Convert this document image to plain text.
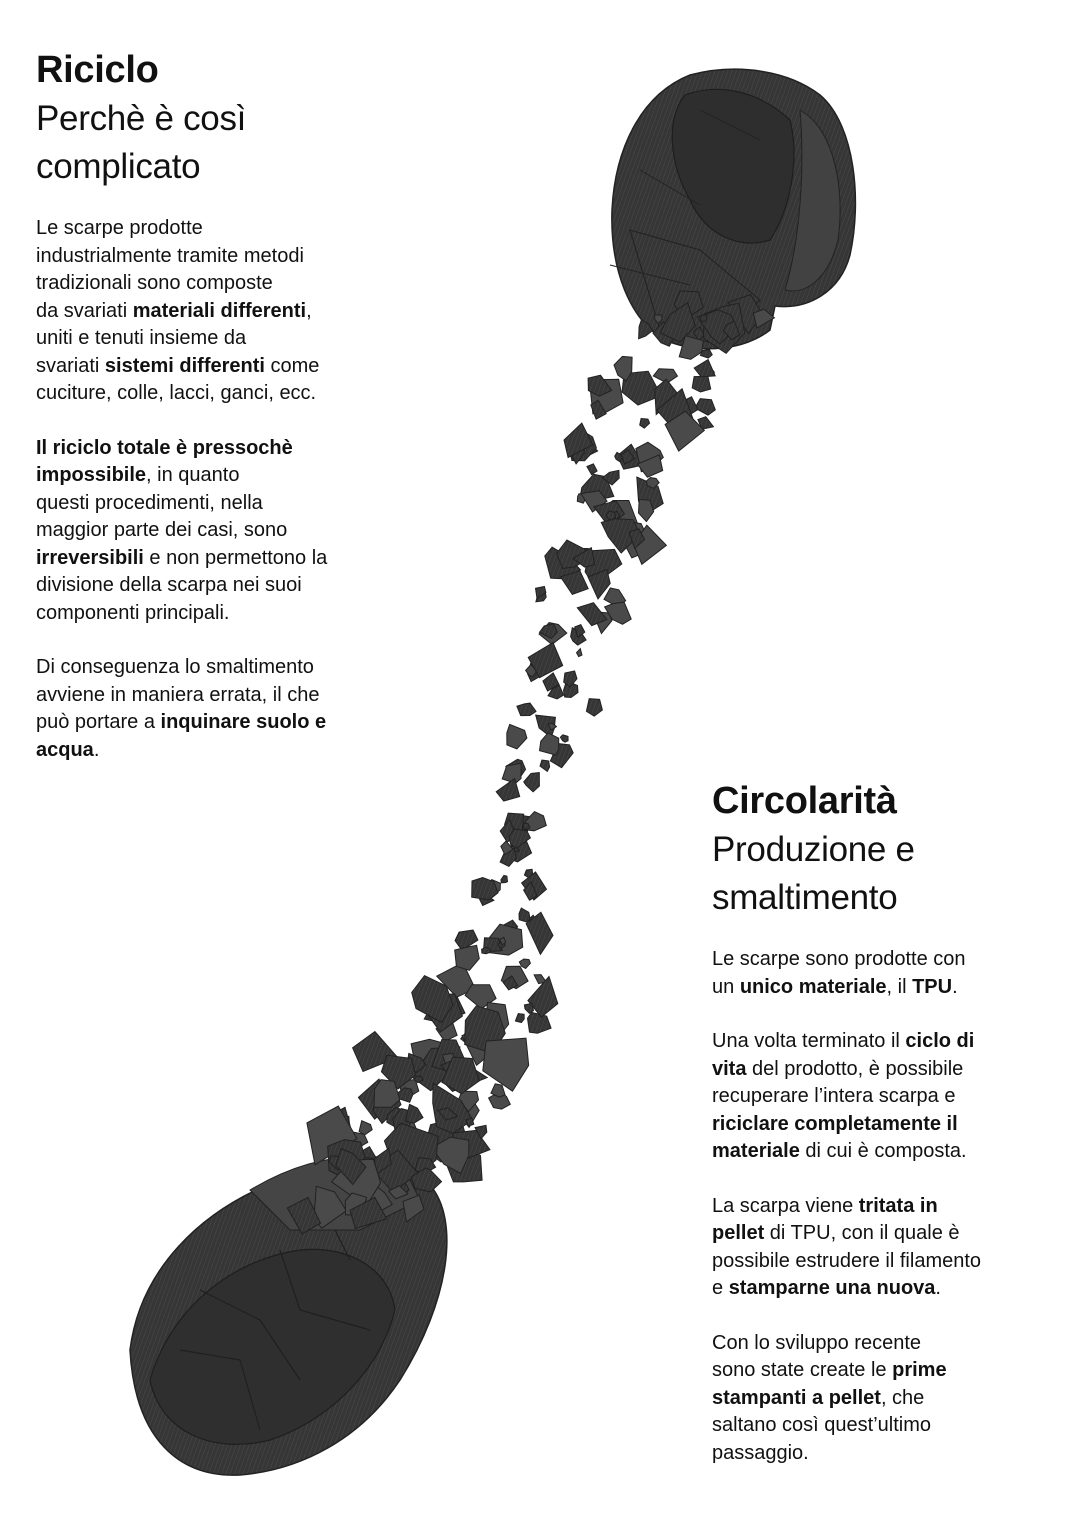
Riciclo
Perchè è così
complicato

Le scarpe prodotte
industrialmente tramite metodi
tradizionali sono composte
da svariati materiali differenti,
uniti e tenuti insieme da
svariati sistemi differenti come
cuciture, colle, lacci, ganci, ecc.

Il riciclo totale è pressochè
impossibile, in quanto
questi procedimenti, nella
maggior parte dei casi, sono
irreversibili e non permettono la
divisione della scarpa nei suoi
componenti principali.

Di conseguenza lo smaltimento
avviene in maniera errata, il che
può portare a inquinare suolo e
acqua.

Circolarità
Produzione e
smaltimento

Le scarpe sono prodotte con
un unico materiale, il TPU.

Una volta terminato il ciclo di
vita del prodotto, è possibile
recuperare l’intera scarpa e
riciclare completamente il
materiale di cui è composta.

La scarpa viene tritata in
pellet di TPU, con il quale è
possibile estrudere il filamento
e stamparne una nuova.

Con lo sviluppo recente
sono state create le prime
stampanti a pellet, che
saltano così quest’ultimo
passaggio.
